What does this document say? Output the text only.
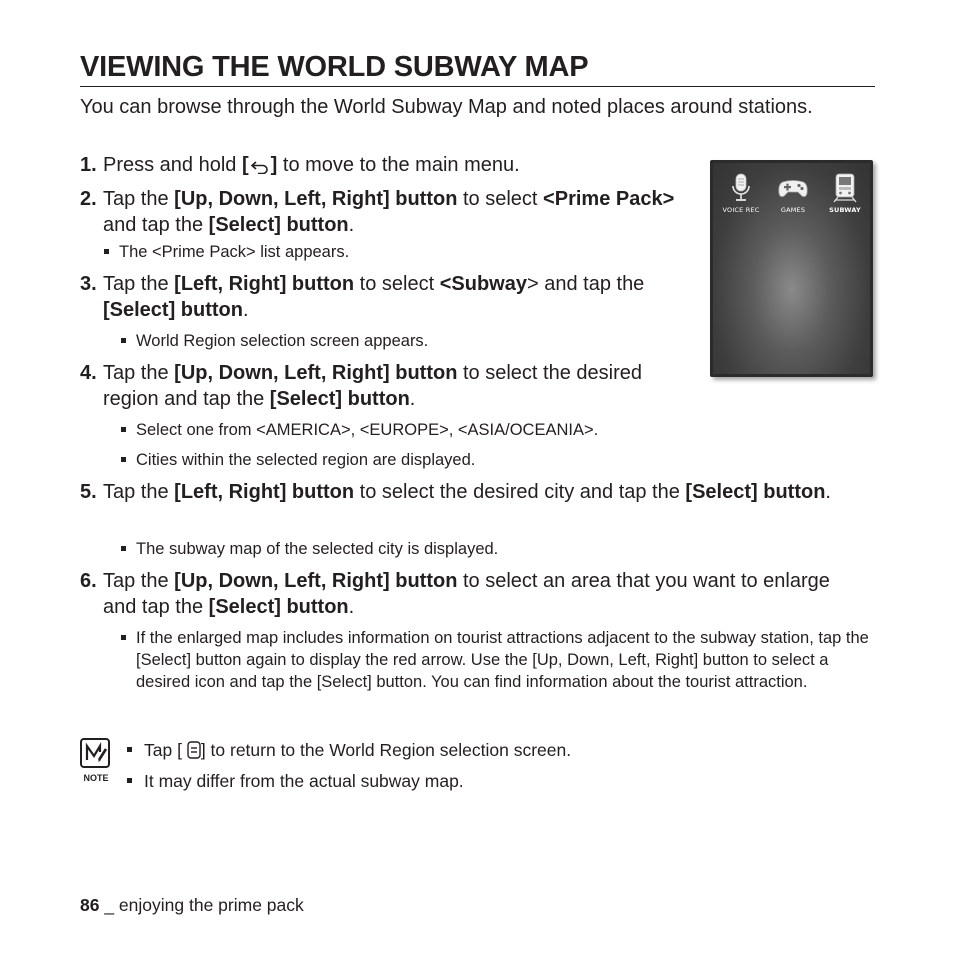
VIEWING THE WORLD SUBWAY MAP

You can browse through the World Subway Map and noted places around stations.

1. Press and hold [ ] to move to the main menu.
2. Tap the [Up, Down, Left, Right] button to select <Prime Pack> and tap the [Select] button.
The <Prime Pack> list appears.
3. Tap the [Left, Right] button to select <Subway> and tap the [Select] button.
World Region selection screen appears.
4. Tap the [Up, Down, Left, Right] button to select the desired region and tap the [Select] button.
Select one from <AMERICA>, <EUROPE>, <ASIA/OCEANIA>.
Cities within the selected region are displayed.
5. Tap the [Left, Right] button to select the desired city and tap the [Select] button.
The subway map of the selected city is displayed.
6. Tap the [Up, Down, Left, Right] button to select an area that you want to enlarge and tap the [Select] button.
If the enlarged map includes information on tourist attractions adjacent to the subway station, tap the [Select] button again to display the red arrow. Use the [Up, Down, Left, Right] button to select a desired icon and tap the [Select] button. You can find information about the tourist attraction.
VOICE REC	GAMES	SUBWAY
NOTE
Tap [ ] to return to the World Region selection screen.
It may differ from the actual subway map.
86 _ enjoying the prime pack
